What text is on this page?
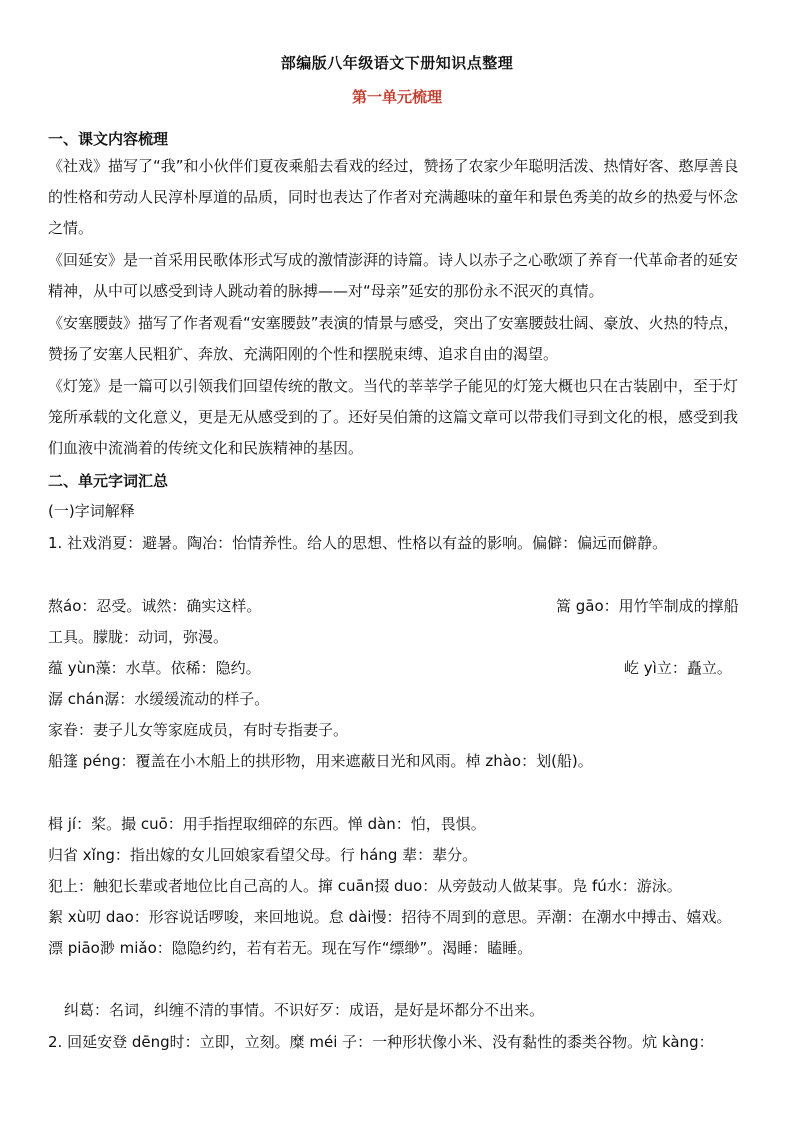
部编版八年级语文下册知识点整理
第一单元梳理
一、课文内容梳理
《社戏》描写了“我”和小伙伴们夏夜乘船去看戏的经过，赞扬了农家少年聪明活泼、热情好客、憨厚善良的性格和劳动人民淳朴厚道的品质，同时也表达了作者对充满趣味的童年和景色秀美的故乡的热爱与怀念之情。
《回延安》是一首采用民歌体形式写成的激情澎湃的诗篇。诗人以赤子之心歌颂了养育一代革命者的延安精神，从中可以感受到诗人跳动着的脉搏——对“母亲”延安的那份永不泯灭的真情。
《安塞腰鼓》描写了作者观看“安塞腰鼓”表演的情景与感受，突出了安塞腰鼓壮阔、豪放、火热的特点，赞扬了安塞人民粗犷、奔放、充满阳刚的个性和摆脱束缚、追求自由的渴望。
《灯笼》是一篇可以引领我们回望传统的散文。当代的莘莘学子能见的灯笼大概也只在古装剧中，至于灯笼所承载的文化意义，更是无从感受到的了。还好吴伯箫的这篇文章可以带我们寻到文化的根，感受到我们血液中流淌着的传统文化和民族精神的基因。
二、单元字词汇总
(一)字词解释
1. 社戏消夏：避暑。陶冶：怡情养性。给人的思想、性格以有益的影响。偏僻：偏远而僻静。
熬áo：忍受。诚然：确实这样。	篙 gāo：用竹竿制成的撑船
工具。朦胧：动词，弥漫。
蕴 yùn藻：水草。依稀：隐约。	屹 yì立：矗立。
潺 chán潺：水缓缓流动的样子。
家眷：妻子儿女等家庭成员，有时专指妻子。
船篷 péng：覆盖在小木船上的拱形物，用来遮蔽日光和风雨。棹 zhào：划(船)。
楫 jí：桨。撮 cuō：用手指捏取细碎的东西。惮 dàn：怕，畏惧。
归省 xǐng：指出嫁的女儿回娘家看望父母。行 háng 辈：辈分。
犯上：触犯长辈或者地位比自己高的人。撺 cuān掇 duo：从旁鼓动人做某事。凫 fú水：游泳。
絮 xù叨 dao：形容说话啰唆，来回地说。怠 dài慢：招待不周到的意思。弄潮：在潮水中搏击、嬉戏。
漂 piāo渺 miǎo：隐隐约约，若有若无。现在写作“缥缈”。渴睡：瞌睡。
纠葛：名词，纠缠不清的事情。不识好歹：成语，是好是坏都分不出来。
2. 回延安登 dēng时：立即，立刻。糜 méi 子：一种形状像小米、没有黏性的黍类谷物。炕 kàng：
